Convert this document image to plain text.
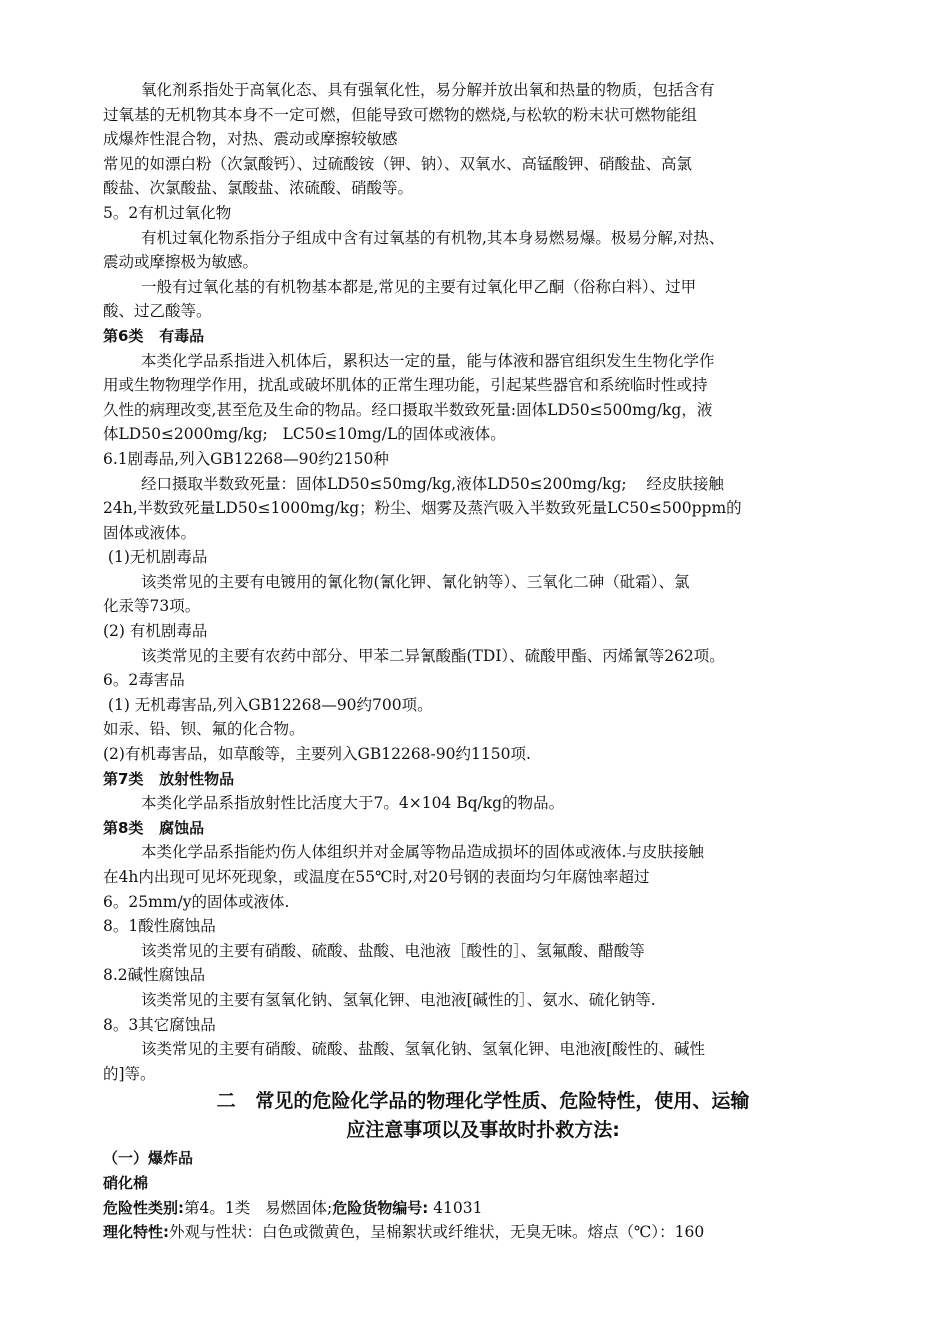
氧化剂系指处于高氧化态、具有强氧化性，易分解并放出氧和热量的物质，包括含有
过氧基的无机物其本身不一定可燃，但能导致可燃物的燃烧,与松软的粉末状可燃物能组
成爆炸性混合物，对热、震动或摩擦较敏感
常见的如漂白粉（次氯酸钙）、过硫酸铵（钾、钠）、双氧水、高锰酸钾、硝酸盐、高氯
酸盐、次氯酸盐、氯酸盐、浓硫酸、硝酸等。
5。2有机过氧化物
有机过氧化物系指分子组成中含有过氧基的有机物,其本身易燃易爆。极易分解,对热、
震动或摩擦极为敏感。
一般有过氧化基的有机物基本都是,常见的主要有过氧化甲乙酮（俗称白料）、过甲
酸、过乙酸等。
第6类   有毒品
本类化学品系指进入机体后，累积达一定的量，能与体液和器官组织发生生物化学作
用或生物物理学作用，扰乱或破坏肌体的正常生理功能，引起某些器官和系统临时性或持
久性的病理改变,甚至危及生命的物品。经口摄取半数致死量:固体LD50≤500mg/kg，液
体LD50≤2000mg/kg;   LC50≤10mg/L的固体或液体。
6.1剧毒品,列入GB12268—90约2150种
经口摄取半数致死量：固体LD50≤50mg/kg,液体LD50≤200mg/kg;    经皮肤接触
24h,半数致死量LD50≤1000mg/kg；粉尘、烟雾及蒸汽吸入半数致死量LC50≤500ppm的
固体或液体。
(1)无机剧毒品
该类常见的主要有电镀用的氰化物(氰化钾、氰化钠等）、三氧化二砷（砒霜）、氯
化汞等73项。
(2) 有机剧毒品
该类常见的主要有农药中部分、甲苯二异氰酸酯(TDI）、硫酸甲酯、丙烯氰等262项。
6。2毒害品
(1) 无机毒害品,列入GB12268—90约700项。
如汞、铅、钡、氟的化合物。
(2)有机毒害品，如草酸等，主要列入GB12268-90约1150项.
第7类   放射性物品
本类化学品系指放射性比活度大于7。4×104 Bq/kg的物品。
第8类   腐蚀品
本类化学品系指能灼伤人体组织并对金属等物品造成损坏的固体或液体.与皮肤接触
在4h内出现可见坏死现象，或温度在55℃时,对20号钢的表面均匀年腐蚀率超过
6。25mm/y的固体或液体.
8。1酸性腐蚀品
该类常见的主要有硝酸、硫酸、盐酸、电池液［酸性的］、氢氟酸、醋酸等
8.2碱性腐蚀品
该类常见的主要有氢氧化钠、氢氧化钾、电池液[碱性的］、氨水、硫化钠等.
8。3其它腐蚀品
该类常见的主要有硝酸、硫酸、盐酸、氢氧化钠、氢氧化钾、电池液[酸性的、碱性
的]等。
二   常见的危险化学品的物理化学性质、危险特性，使用、运输
应注意事项以及事故时扑救方法:
（一）爆炸品
硝化棉
危险性类别:第4。1类   易燃固体;危险货物编号: 41031
理化特性:外观与性状：白色或微黄色，呈棉絮状或纤维状，无臭无味。熔点（℃）：160
